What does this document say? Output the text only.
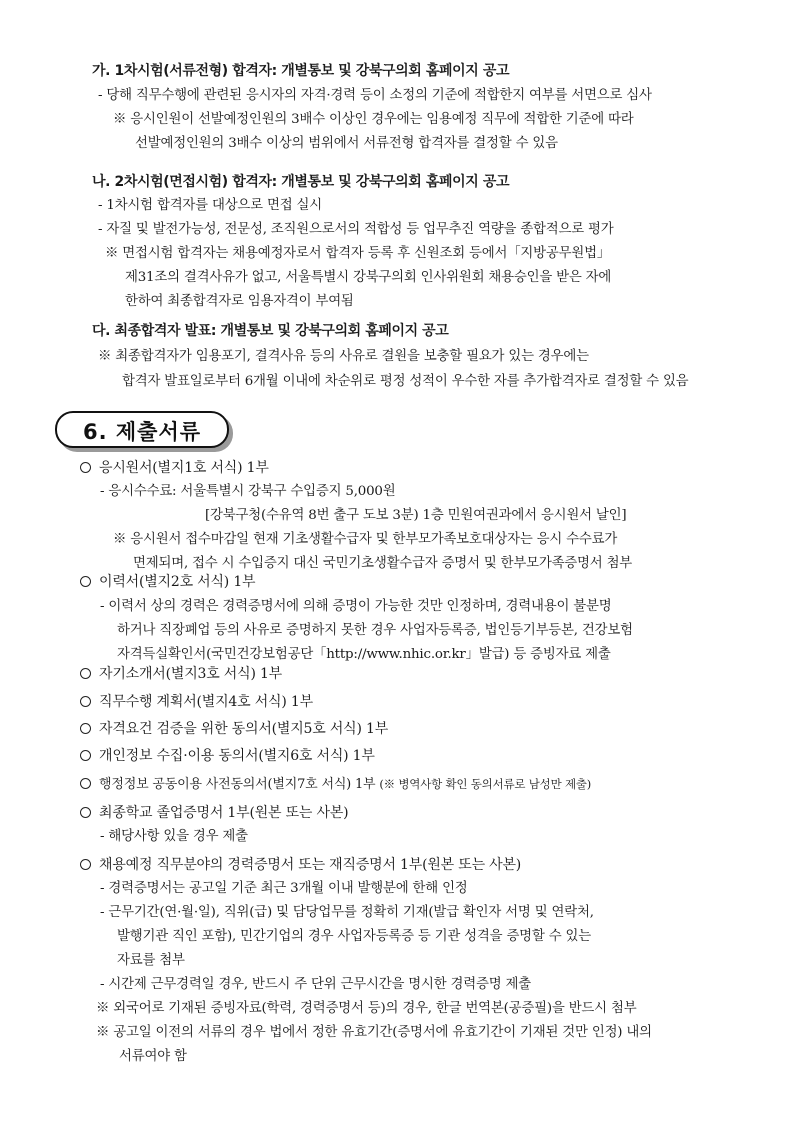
가. 1차시험(서류전형) 합격자: 개별통보 및 강북구의회 홈페이지 공고
- 당해 직무수행에 관련된 응시자의 자격·경력 등이 소정의 기준에 적합한지 여부를 서면으로 심사
※ 응시인원이 선발예정인원의 3배수 이상인 경우에는 임용예정 직무에 적합한 기준에 따라
선발예정인원의 3배수 이상의 범위에서 서류전형 합격자를 결정할 수 있음
나. 2차시험(면접시험) 합격자: 개별통보 및 강북구의회 홈페이지 공고
- 1차시험 합격자를 대상으로 면접 실시
- 자질 및 발전가능성, 전문성, 조직원으로서의 적합성 등 업무추진 역량을 종합적으로 평가
※ 면접시험 합격자는 채용예정자로서 합격자 등록 후 신원조회 등에서「지방공무원법」
제31조의 결격사유가 없고, 서울특별시 강북구의회 인사위원회 채용승인을 받은 자에
한하여 최종합격자로 임용자격이 부여됨
다. 최종합격자 발표: 개별통보 및 강북구의회 홈페이지 공고
※ 최종합격자가 임용포기, 결격사유 등의 사유로 결원을 보충할 필요가 있는 경우에는
합격자 발표일로부터 6개월 이내에 차순위로 평정 성적이 우수한 자를 추가합격자로 결정할 수 있음
6. 제출서류
응시원서(별지1호 서식) 1부
- 응시수수료: 서울특별시 강북구 수입증지 5,000원
[강북구청(수유역 8번 출구 도보 3분) 1층 민원여권과에서 응시원서 날인]
※ 응시원서 접수마감일 현재 기초생활수급자 및 한부모가족보호대상자는 응시 수수료가
면제되며, 접수 시 수입증지 대신 국민기초생활수급자 증명서 및 한부모가족증명서 첨부
이력서(별지2호 서식) 1부
- 이력서 상의 경력은 경력증명서에 의해 증명이 가능한 것만 인정하며, 경력내용이 불분명
하거나 직장폐업 등의 사유로 증명하지 못한 경우 사업자등록증, 법인등기부등본, 건강보험
자격득실확인서(국민건강보험공단「http://www.nhic.or.kr」발급) 등 증빙자료 제출
자기소개서(별지3호 서식) 1부
직무수행 계획서(별지4호 서식) 1부
자격요건 검증을 위한 동의서(별지5호 서식) 1부
개인정보 수집·이용 동의서(별지6호 서식) 1부
행정정보 공동이용 사전동의서(별지7호 서식) 1부 (※ 병역사항 확인 동의서류로 남성만 제출)
최종학교 졸업증명서 1부(원본 또는 사본)
- 해당사항 있을 경우 제출
채용예정 직무분야의 경력증명서 또는 재직증명서 1부(원본 또는 사본)
- 경력증명서는 공고일 기준 최근 3개월 이내 발행분에 한해 인정
- 근무기간(연·월·일), 직위(급) 및 담당업무를 정확히 기재(발급 확인자 서명 및 연락처,
발행기관 직인 포함), 민간기업의 경우 사업자등록증 등 기관 성격을 증명할 수 있는
자료를 첨부
- 시간제 근무경력일 경우, 반드시 주 단위 근무시간을 명시한 경력증명 제출
※ 외국어로 기재된 증빙자료(학력, 경력증명서 등)의 경우, 한글 번역본(공증필)을 반드시 첨부
※ 공고일 이전의 서류의 경우 법에서 정한 유효기간(증명서에 유효기간이 기재된 것만 인정) 내의
서류여야 함
